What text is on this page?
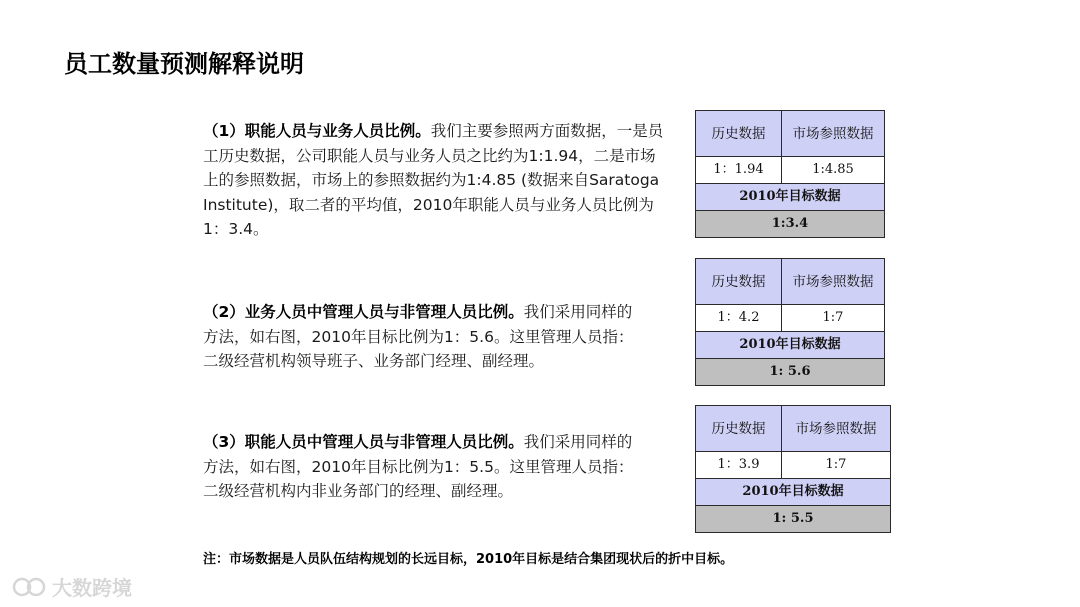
员工数量预测解释说明
（1）职能人员与业务人员比例。我们主要参照两方面数据，一是员工历史数据，公司职能人员与业务人员之比约为1:1.94，二是市场上的参照数据，市场上的参照数据约为1:4.85 (数据来自Saratoga Institute)，取二者的平均值，2010年职能人员与业务人员比例为1：3.4。
（2）业务人员中管理人员与非管理人员比例。我们采用同样的方法，如右图，2010年目标比例为1：5.6。这里管理人员指：二级经营机构领导班子、业务部门经理、副经理。
（3）职能人员中管理人员与非管理人员比例。我们采用同样的方法，如右图，2010年目标比例为1：5.5。这里管理人员指：二级经营机构内非业务部门的经理、副经理。
历史数据	市场参照数据
1：1.94	1:4.85
2010年目标数据	
1:3.4	
历史数据	市场参照数据
1：4.2	1:7
2010年目标数据	
1: 5.6	
历史数据	市场参照数据
1：3.9	1:7
2010年目标数据	
1: 5.5	
注：市场数据是人员队伍结构规划的长远目标，2010年目标是结合集团现状后的折中目标。
大数跨境
